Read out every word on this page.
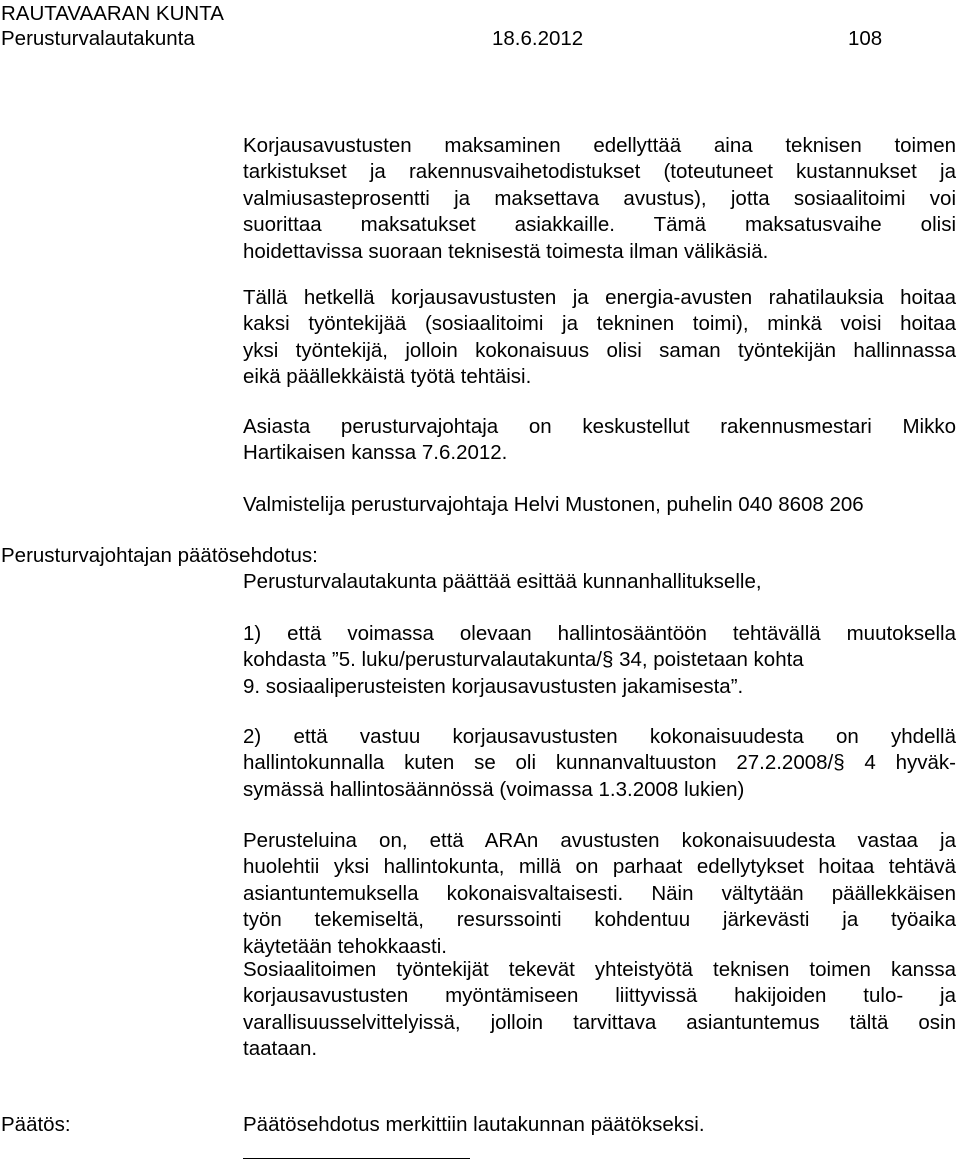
RAUTAVAARAN KUNTA
Perusturvalautakunta	18.6.2012	108
Korjausavustusten maksaminen edellyttää aina teknisen toimen
tarkistukset ja rakennusvaihetodistukset (toteutuneet kustannukset ja
valmiusasteprosentti ja maksettava avustus), jotta sosiaalitoimi voi
suorittaa maksatukset asiakkaille. Tämä maksatusvaihe olisi
hoidettavissa suoraan teknisestä toimesta ilman välikäsiä.
Tällä hetkellä korjausavustusten ja energia-avusten rahatilauksia hoitaa
kaksi työntekijää (sosiaalitoimi ja tekninen toimi), minkä voisi hoitaa
yksi työntekijä, jolloin kokonaisuus olisi saman työntekijän hallinnassa
eikä päällekkäistä työtä tehtäisi.
Asiasta perusturvajohtaja on keskustellut rakennusmestari Mikko
Hartikaisen kanssa 7.6.2012.
Valmistelija perusturvajohtaja Helvi Mustonen, puhelin 040 8608 206
Perusturvajohtajan päätösehdotus:
Perusturvalautakunta päättää esittää kunnanhallitukselle,
1) että voimassa olevaan hallintosääntöön tehtävällä muutoksella
kohdasta ”5. luku/perusturvalautakunta/§ 34, poistetaan kohta
9. sosiaaliperusteisten korjausavustusten jakamisesta”.
2) että vastuu korjausavustusten kokonaisuudesta on yhdellä
hallintokunnalla kuten se oli kunnanvaltuuston 27.2.2008/§ 4 hyväk-
symässä hallintosäännössä (voimassa 1.3.2008 lukien)
Perusteluina on, että ARAn avustusten kokonaisuudesta vastaa ja
huolehtii yksi hallintokunta, millä on parhaat edellytykset hoitaa tehtävä
asiantuntemuksella kokonaisvaltaisesti. Näin vältytään päällekkäisen
työn tekemiseltä, resurssointi kohdentuu järkevästi ja työaika
käytetään tehokkaasti.
Sosiaalitoimen työntekijät tekevät yhteistyötä teknisen toimen kanssa
korjausavustusten myöntämiseen liittyvissä hakijoiden tulo- ja
varallisuusselvittelyissä, jolloin tarvittava asiantuntemus tältä osin
taataan.
Päätös:	Päätösehdotus merkittiin lautakunnan päätökseksi.
